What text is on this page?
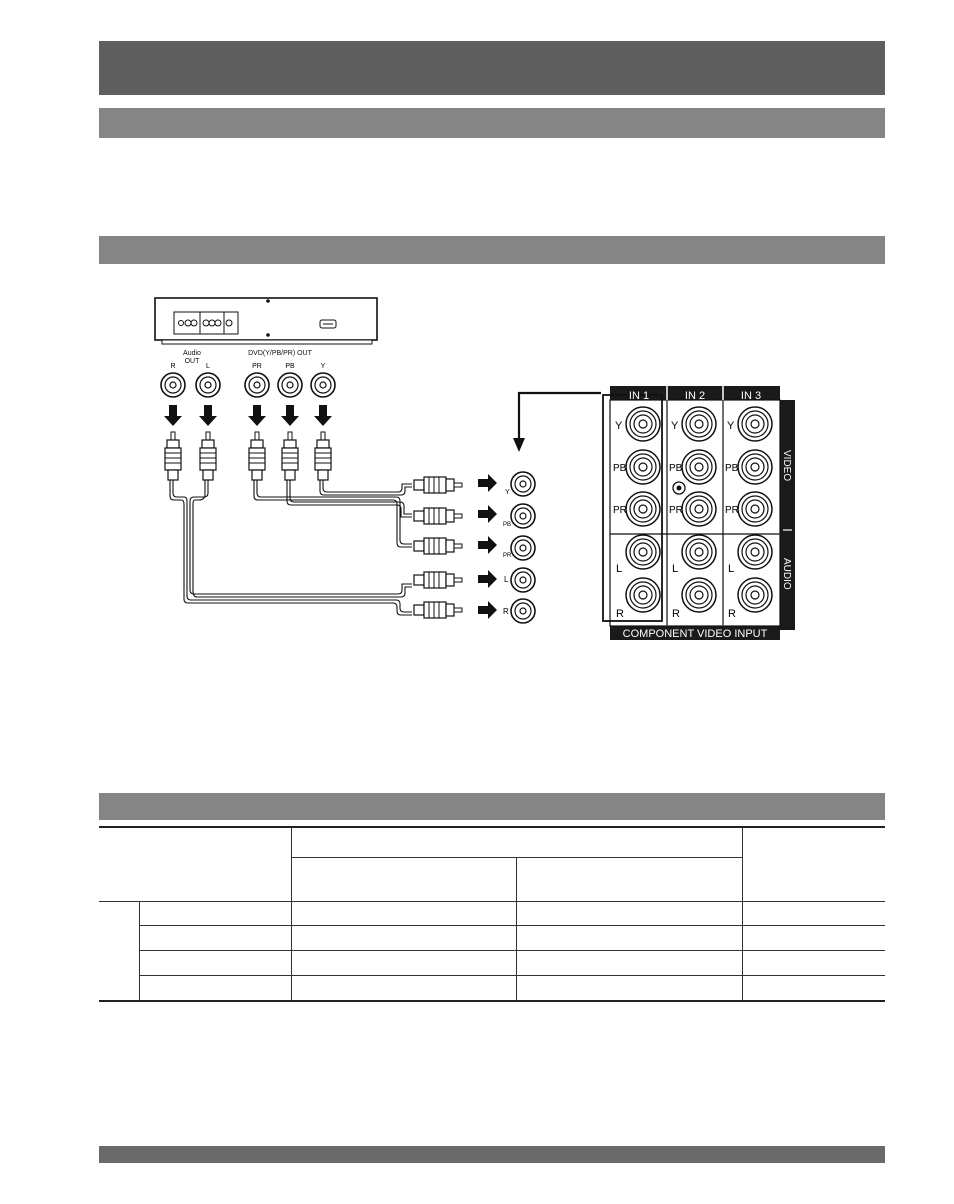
Audio
OUT
DVD(Y/PB/PR) OUT
R	L	PR	PB	Y
Y
PB
PR
L
R
IN 1	IN 2	IN 3
COMPONENT VIDEO INPUT
VIDEO
AUDIO
Y
PB
PR
L
R
Y
PB
PR
L
R
Y
PB
PR
L
R
